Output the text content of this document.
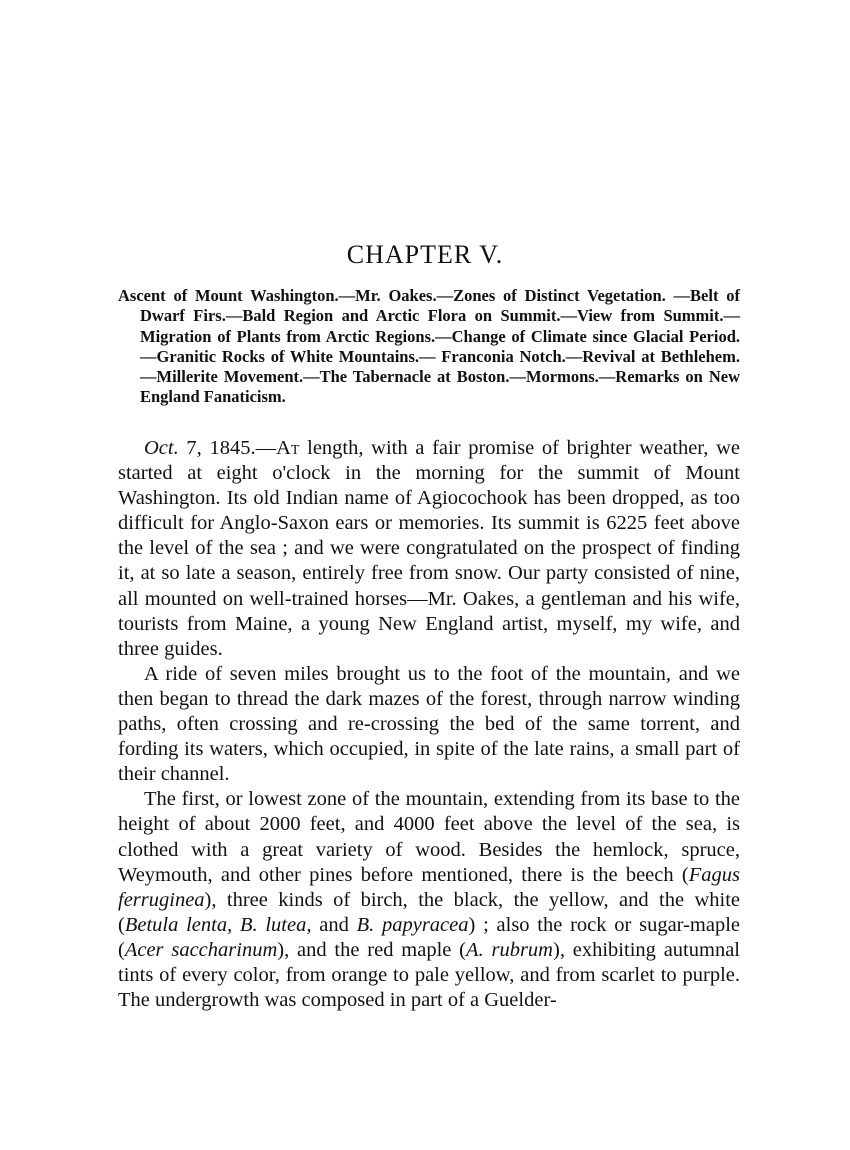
CHAPTER V.

Ascent of Mount Washington.—Mr. Oakes.—Zones of Distinct Vegetation. —Belt of Dwarf Firs.—Bald Region and Arctic Flora on Summit.—View from Summit.—Migration of Plants from Arctic Regions.—Change of Climate since Glacial Period.—Granitic Rocks of White Mountains.— Franconia Notch.—Revival at Bethlehem.—Millerite Movement.—The Tabernacle at Boston.—Mormons.—Remarks on New England Fanaticism.

Oct. 7, 1845.—At length, with a fair promise of brighter weather, we started at eight o'clock in the morning for the summit of Mount Washington. Its old Indian name of Agiocochook has been dropped, as too difficult for Anglo-Saxon ears or memories. Its summit is 6225 feet above the level of the sea ; and we were congratulated on the prospect of finding it, at so late a season, entirely free from snow. Our party consisted of nine, all mounted on well-trained horses—Mr. Oakes, a gentleman and his wife, tourists from Maine, a young New England artist, myself, my wife, and three guides.

A ride of seven miles brought us to the foot of the mountain, and we then began to thread the dark mazes of the forest, through narrow winding paths, often crossing and re-crossing the bed of the same torrent, and fording its waters, which occupied, in spite of the late rains, a small part of their channel.

The first, or lowest zone of the mountain, extending from its base to the height of about 2000 feet, and 4000 feet above the level of the sea, is clothed with a great variety of wood. Besides the hemlock, spruce, Weymouth, and other pines before mentioned, there is the beech (Fagus ferruginea), three kinds of birch, the black, the yellow, and the white (Betula lenta, B. lutea, and B. papyracea) ; also the rock or sugar-maple (Acer saccharinum), and the red maple (A. rubrum), exhibiting autumnal tints of every color, from orange to pale yellow, and from scarlet to purple. The undergrowth was composed in part of a Guelder-
